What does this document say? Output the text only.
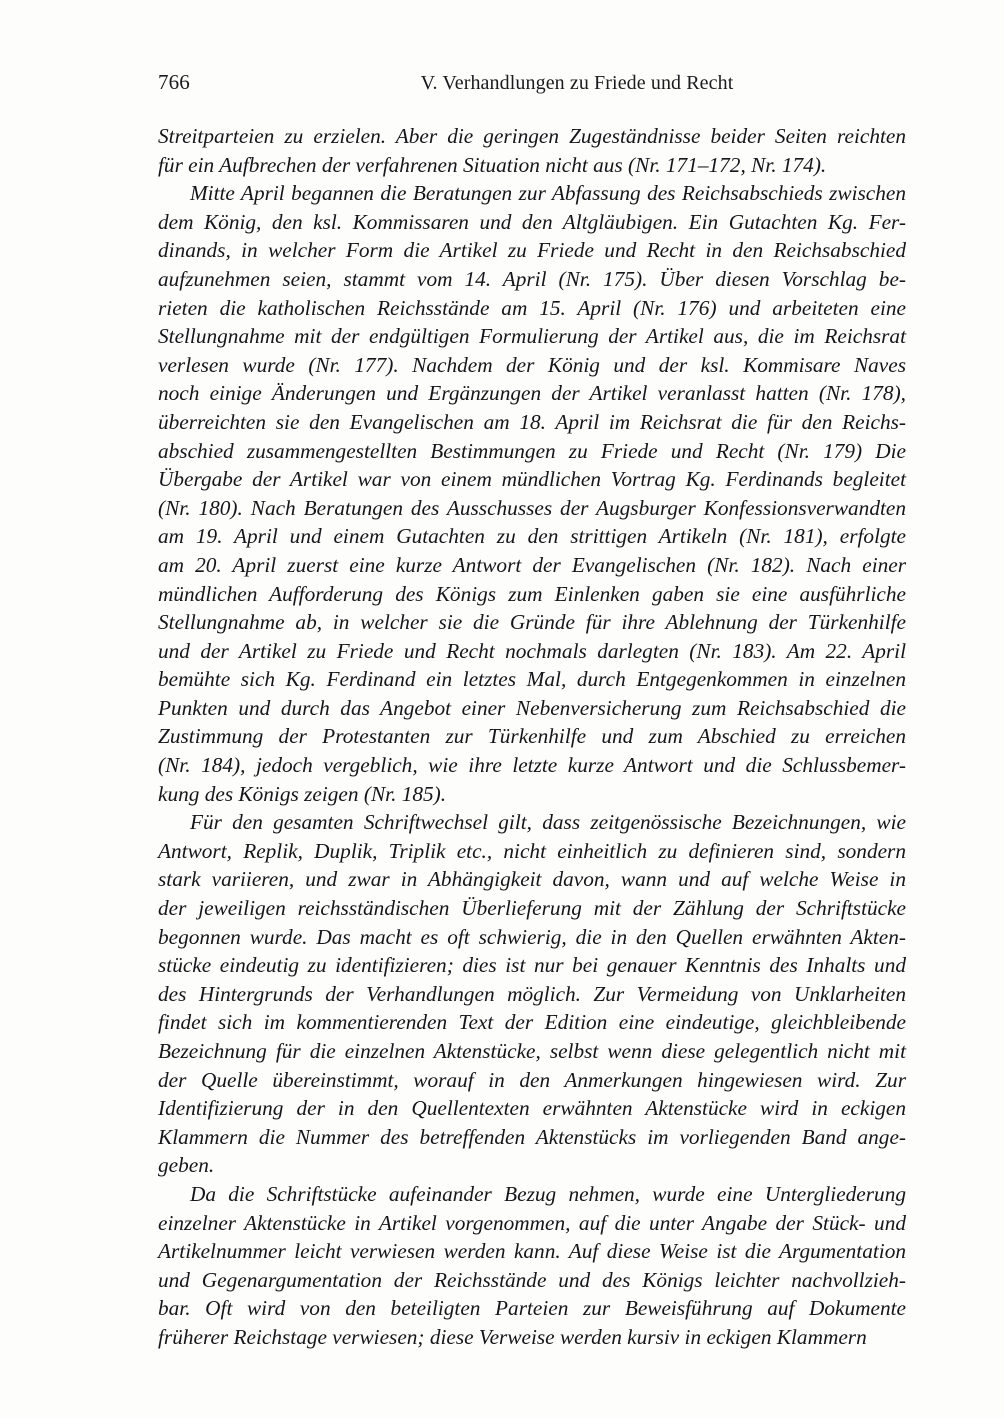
766	V. Verhandlungen zu Friede und Recht
Streitparteien zu erzielen. Aber die geringen Zugeständnisse beider Seiten reichten
für ein Aufbrechen der verfahrenen Situation nicht aus (Nr. 171–172, Nr. 174).
Mitte April begannen die Beratungen zur Abfassung des Reichsabschieds zwischen
dem König, den ksl. Kommissaren und den Altgläubigen. Ein Gutachten Kg. Fer-
dinands, in welcher Form die Artikel zu Friede und Recht in den Reichsabschied
aufzunehmen seien, stammt vom 14. April (Nr. 175). Über diesen Vorschlag be-
rieten die katholischen Reichsstände am 15. April (Nr. 176) und arbeiteten eine
Stellungnahme mit der endgültigen Formulierung der Artikel aus, die im Reichsrat
verlesen wurde (Nr. 177). Nachdem der König und der ksl. Kommisare Naves
noch einige Änderungen und Ergänzungen der Artikel veranlasst hatten (Nr. 178),
überreichten sie den Evangelischen am 18. April im Reichsrat die für den Reichs-
abschied zusammengestellten Bestimmungen zu Friede und Recht (Nr. 179) Die
Übergabe der Artikel war von einem mündlichen Vortrag Kg. Ferdinands begleitet
(Nr. 180). Nach Beratungen des Ausschusses der Augsburger Konfessionsverwandten
am 19. April und einem Gutachten zu den strittigen Artikeln (Nr. 181), erfolgte
am 20. April zuerst eine kurze Antwort der Evangelischen (Nr. 182). Nach einer
mündlichen Aufforderung des Königs zum Einlenken gaben sie eine ausführliche
Stellungnahme ab, in welcher sie die Gründe für ihre Ablehnung der Türkenhilfe
und der Artikel zu Friede und Recht nochmals darlegten (Nr. 183). Am 22. April
bemühte sich Kg. Ferdinand ein letztes Mal, durch Entgegenkommen in einzelnen
Punkten und durch das Angebot einer Nebenversicherung zum Reichsabschied die
Zustimmung der Protestanten zur Türkenhilfe und zum Abschied zu erreichen
(Nr. 184), jedoch vergeblich, wie ihre letzte kurze Antwort und die Schlussbemer-
kung des Königs zeigen (Nr. 185).
Für den gesamten Schriftwechsel gilt, dass zeitgenössische Bezeichnungen, wie
Antwort, Replik, Duplik, Triplik etc., nicht einheitlich zu definieren sind, sondern
stark variieren, und zwar in Abhängigkeit davon, wann und auf welche Weise in
der jeweiligen reichsständischen Überlieferung mit der Zählung der Schriftstücke
begonnen wurde. Das macht es oft schwierig, die in den Quellen erwähnten Akten-
stücke eindeutig zu identifizieren; dies ist nur bei genauer Kenntnis des Inhalts und
des Hintergrunds der Verhandlungen möglich. Zur Vermeidung von Unklarheiten
findet sich im kommentierenden Text der Edition eine eindeutige, gleichbleibende
Bezeichnung für die einzelnen Aktenstücke, selbst wenn diese gelegentlich nicht mit
der Quelle übereinstimmt, worauf in den Anmerkungen hingewiesen wird. Zur
Identifizierung der in den Quellentexten erwähnten Aktenstücke wird in eckigen
Klammern die Nummer des betreffenden Aktenstücks im vorliegenden Band ange-
geben.
Da die Schriftstücke aufeinander Bezug nehmen, wurde eine Untergliederung
einzelner Aktenstücke in Artikel vorgenommen, auf die unter Angabe der Stück- und
Artikelnummer leicht verwiesen werden kann. Auf diese Weise ist die Argumentation
und Gegenargumentation der Reichsstände und des Königs leichter nachvollzieh-
bar. Oft wird von den beteiligten Parteien zur Beweisführung auf Dokumente
früherer Reichstage verwiesen; diese Verweise werden kursiv in eckigen Klammern
